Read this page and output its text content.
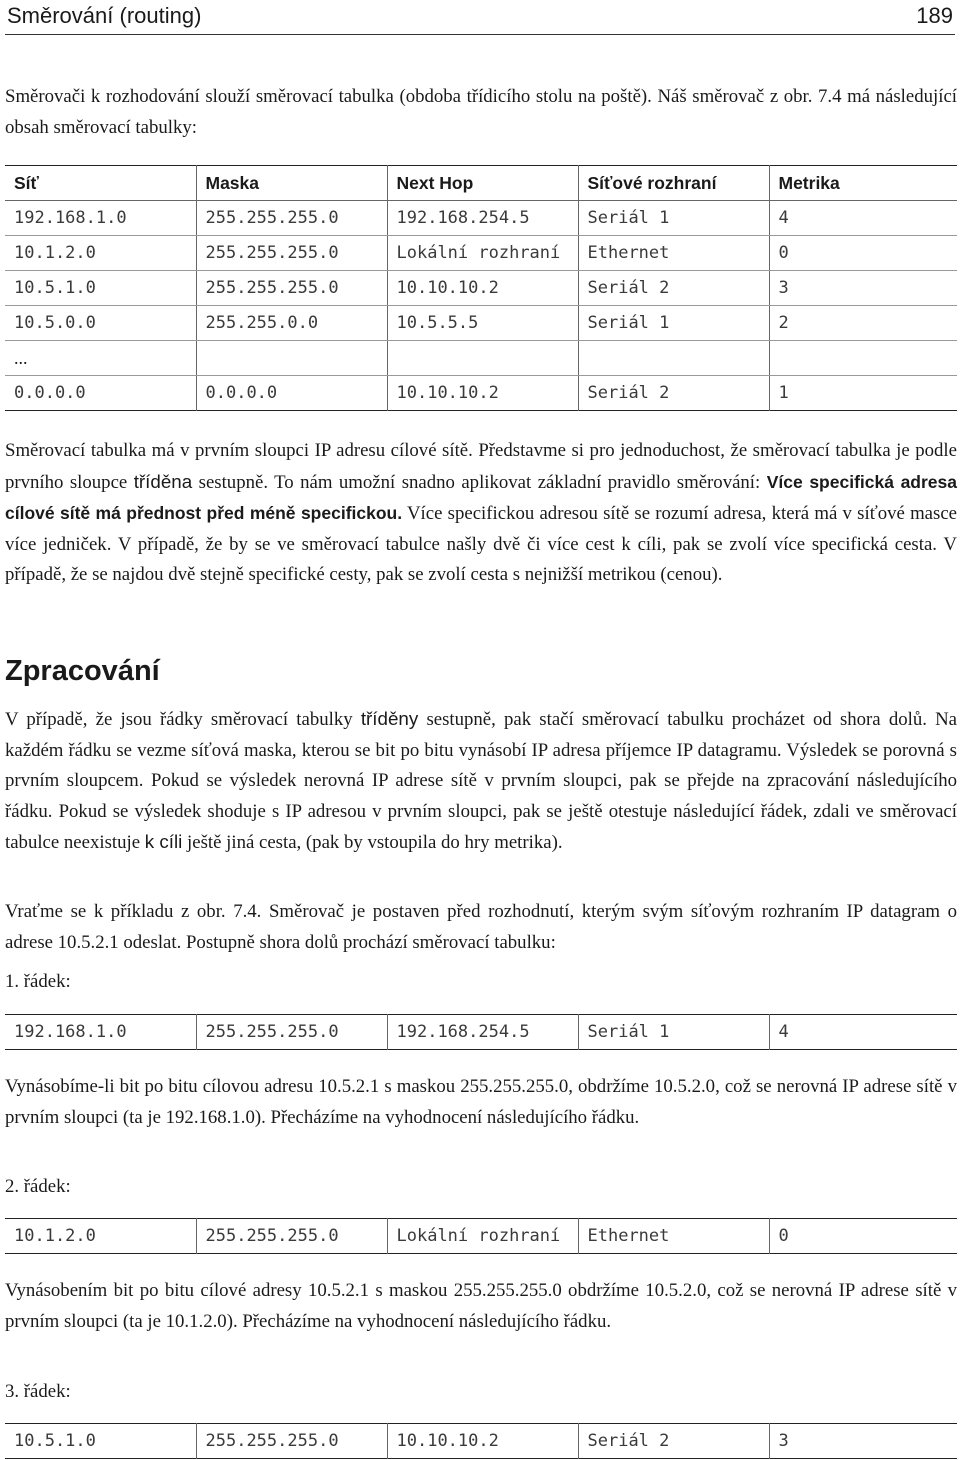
Směrování (routing)	189

Směrovači k rozhodování slouží směrovací tabulka (obdoba třídicího stolu na poště). Náš směrovač z obr. 7.4 má následující obsah směrovací tabulky:

Síť	Maska	Next Hop	Síťové rozhraní	Metrika
192.168.1.0	255.255.255.0	192.168.254.5	Seriál 1	4
10.1.2.0	255.255.255.0	Lokální rozhraní	Ethernet	0
10.5.1.0	255.255.255.0	10.10.10.2	Seriál 2	3
10.5.0.0	255.255.0.0	10.5.5.5	Seriál 1	2
...				
0.0.0.0	0.0.0.0	10.10.10.2	Seriál 2	1

Směrovací tabulka má v prvním sloupci IP adresu cílové sítě. Představme si pro jednoduchost, že směrovací tabulka je podle prvního sloupce tříděna sestupně. To nám umožní snadno aplikovat základní pravidlo směrování: Více specifická adresa cílové sítě má přednost před méně specifickou. Více specifickou adresou sítě se rozumí adresa, která má v síťové masce více jedniček. V případě, že by se ve směrovací tabulce našly dvě či více cest k cíli, pak se zvolí více specifická cesta. V případě, že se najdou dvě stejně specifické cesty, pak se zvolí cesta s nejnižší metrikou (cenou).

Zpracování

V případě, že jsou řádky směrovací tabulky tříděny sestupně, pak stačí směrovací tabulku procházet od shora dolů. Na každém řádku se vezme síťová maska, kterou se bit po bitu vynásobí IP adresa příjemce IP datagramu. Výsledek se porovná s prvním sloupcem. Pokud se výsledek nerovná IP adrese sítě v prvním sloupci, pak se přejde na zpracování následujícího řádku. Pokud se výsledek shoduje s IP adresou v prvním sloupci, pak se ještě otestuje následující řádek, zdali ve směrovací tabulce neexistuje k cíli ještě jiná cesta, (pak by vstoupila do hry metrika).

Vraťme se k příkladu z obr. 7.4. Směrovač je postaven před rozhodnutí, kterým svým síťovým rozhraním IP datagram o adrese 10.5.2.1 odeslat. Postupně shora dolů prochází směrovací tabulku:

1. řádek:

192.168.1.0	255.255.255.0	192.168.254.5	Seriál 1	4

Vynásobíme-li bit po bitu cílovou adresu 10.5.2.1 s maskou 255.255.255.0, obdržíme 10.5.2.0, což se nerovná IP adrese sítě v prvním sloupci (ta je 192.168.1.0). Přecházíme na vyhodnocení následujícího řádku.

2. řádek:

10.1.2.0	255.255.255.0	Lokální rozhraní	Ethernet	0

Vynásobením bit po bitu cílové adresy 10.5.2.1 s maskou 255.255.255.0 obdržíme 10.5.2.0, což se nerovná IP adrese sítě v prvním sloupci (ta je 10.1.2.0). Přecházíme na vyhodnocení následujícího řádku.

3. řádek:

10.5.1.0	255.255.255.0	10.10.10.2	Seriál 2	3
